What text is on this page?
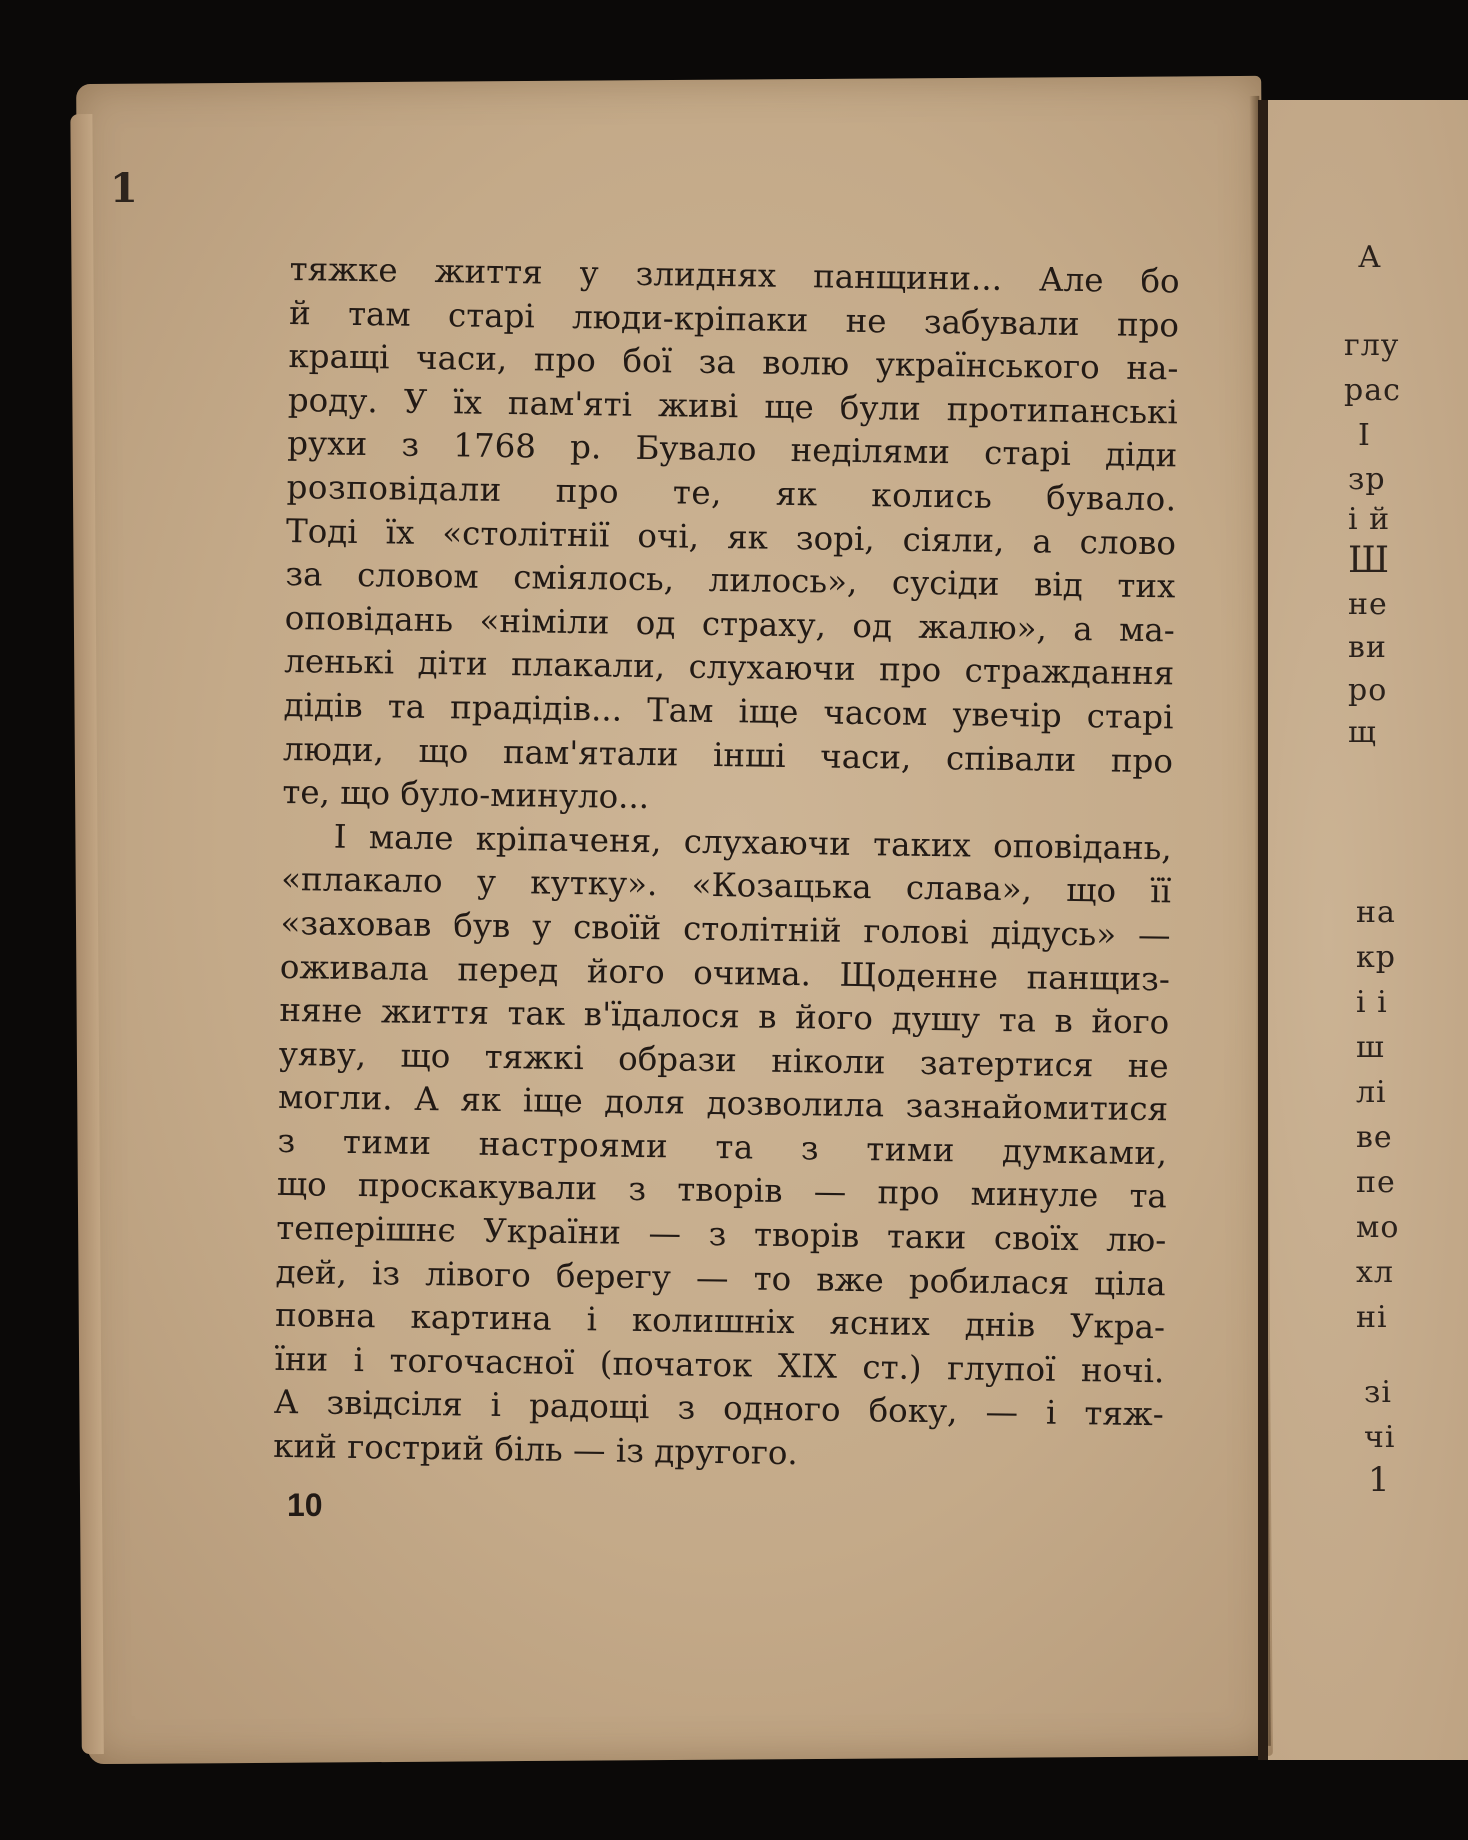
А
глу
рас
І
зр
і й
Ш
не
ви
ро
щ
на
кр
і і
ш
лі
ве
пе
мо
хл
ні
зі
чі
1
1
тяжке життя у злиднях панщини... Але бо
й там старі люди-кріпаки не забували про
кращі часи, про бої за волю українського на-
роду. У їх пам'яті живі ще були протипанські
рухи з 1768 р. Бувало неділями старі діди
розповідали про те, як колись бувало.
Тоді їх «столітнії очі, як зорі, сіяли, а слово
за словом сміялось, лилось», сусіди від тих
оповідань «німіли од страху, од жалю», а ма-
ленькі діти плакали, слухаючи про страждання
дідів та прадідів... Там іще часом увечір старі
люди, що пам'ятали інші часи, співали про
те, що було-минуло...
І мале кріпаченя, слухаючи таких оповідань,
«плакало у кутку». «Козацька слава», що її
«заховав був у своїй столітній голові дідусь» —
оживала перед його очима. Щоденне панщиз-
няне життя так в'їдалося в його душу та в його
уяву, що тяжкі образи ніколи затертися не
могли. А як іще доля дозволила зазнайомитися
з тими настроями та з тими думками,
що проскакували з творів — про минуле та
теперішнє України — з творів таки своїх лю-
дей, із лівого берегу — то вже робилася ціла
повна картина і колишніх ясних днів Укра-
їни і тогочасної (початок XIX ст.) глупої ночі.
А звідсіля і радощі з одного боку, — і тяж-
кий гострий біль — із другого.
10
